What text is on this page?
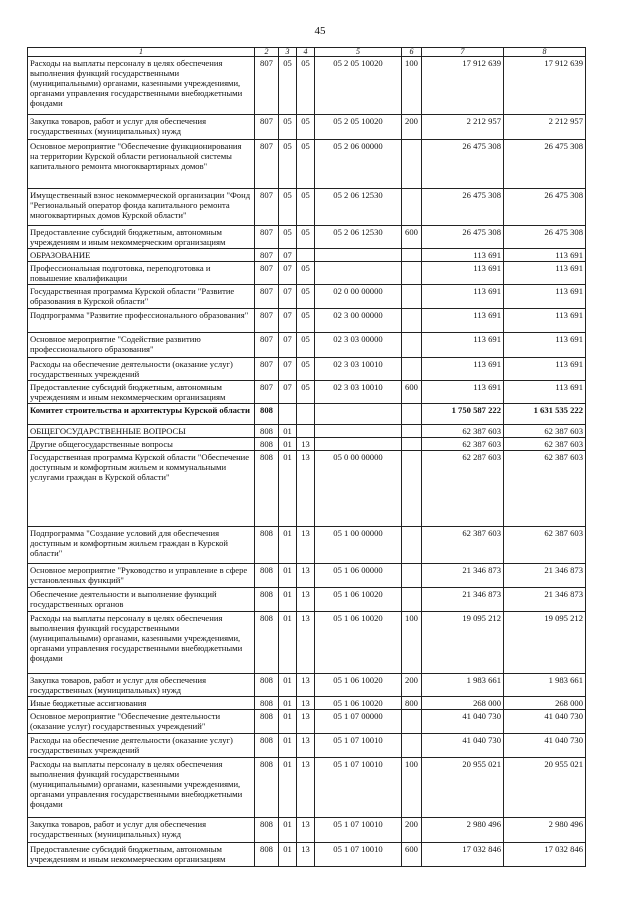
45
1	2	3	4	5	6	7	8
Расходы на выплаты персоналу в целях обеспечения выполнения функций государственными (муниципальными) органами, казенными учреждениями, органами управления государственными внебюджетными фондами	807	05	05	05 2 05 10020	100	17 912 639	17 912 639
Закупка товаров, работ и услуг для обеспечения государственных (муниципальных) нужд	807	05	05	05 2 05 10020	200	2 212 957	2 212 957
Основное мероприятие "Обеспечение функционирования на территории Курской области региональной системы капитального ремонта многоквартирных домов"	807	05	05	05 2 06 00000		26 475 308	26 475 308
Имущественный взнос некоммерческой организации "Фонд "Региональный оператор фонда капитального ремонта многоквартирных домов Курской области"	807	05	05	05 2 06 12530		26 475 308	26 475 308
Предоставление субсидий бюджетным, автономным учреждениям и иным некоммерческим организациям	807	05	05	05 2 06 12530	600	26 475 308	26 475 308
ОБРАЗОВАНИЕ	807	07				113 691	113 691
Профессиональная подготовка, переподготовка и повышение квалификации	807	07	05			113 691	113 691
Государственная программа Курской области "Развитие образования в Курской области"	807	07	05	02 0 00 00000		113 691	113 691
Подпрограмма "Развитие профессионального образования"	807	07	05	02 3 00 00000		113 691	113 691
Основное мероприятие "Содействие развитию профессионального образования"	807	07	05	02 3 03 00000		113 691	113 691
Расходы на обеспечение деятельности (оказание услуг) государственных учреждений	807	07	05	02 3 03 10010		113 691	113 691
Предоставление субсидий бюджетным, автономным учреждениям и иным некоммерческим организациям	807	07	05	02 3 03 10010	600	113 691	113 691
Комитет строительства и архитектуры Курской области	808					1 750 587 222	1 631 535 222
ОБЩЕГОСУДАРСТВЕННЫЕ ВОПРОСЫ	808	01				62 387 603	62 387 603
Другие общегосударственные вопросы	808	01	13			62 387 603	62 387 603
Государственная программа Курской области "Обеспечение доступным и комфортным жильем и коммунальными услугами граждан в Курской области"	808	01	13	05 0 00 00000		62 287 603	62 387 603
Подпрограмма "Создание условий для обеспечения доступным и комфортным жильем граждан в Курской области"	808	01	13	05 1 00 00000		62 387 603	62 387 603
Основное мероприятие "Руководство и управление в сфере установленных функций"	808	01	13	05 1 06 00000		21 346 873	21 346 873
Обеспечение деятельности и выполнение функций государственных органов	808	01	13	05 1 06 10020		21 346 873	21 346 873
Расходы на выплаты персоналу в целях обеспечения выполнения функций государственными (муниципальными) органами, казенными учреждениями, органами управления государственными внебюджетными фондами	808	01	13	05 1 06 10020	100	19 095 212	19 095 212
Закупка товаров, работ и услуг для обеспечения государственных (муниципальных) нужд	808	01	13	05 1 06 10020	200	1 983 661	1 983 661
Иные бюджетные ассигнования	808	01	13	05 1 06 10020	800	268 000	268 000
Основное мероприятие "Обеспечение деятельности (оказание услуг) государственных учреждений"	808	01	13	05 1 07 00000		41 040 730	41 040 730
Расходы на обеспечение деятельности (оказание услуг) государственных учреждений	808	01	13	05 1 07 10010		41 040 730	41 040 730
Расходы на выплаты персоналу в целях обеспечения выполнения функций государственными (муниципальными) органами, казенными учреждениями, органами управления государственными внебюджетными фондами	808	01	13	05 1 07 10010	100	20 955 021	20 955 021
Закупка товаров, работ и услуг для обеспечения государственных (муниципальных) нужд	808	01	13	05 1 07 10010	200	2 980 496	2 980 496
Предоставление субсидий бюджетным, автономным учреждениям и иным некоммерческим организациям	808	01	13	05 1 07 10010	600	17 032 846	17 032 846
